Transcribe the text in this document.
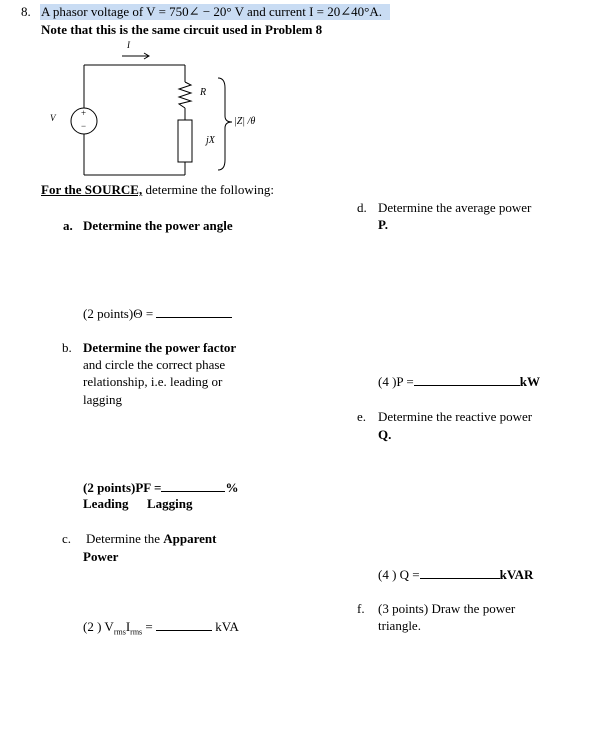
8. A phasor voltage of V = 750∠ − 20° V and current I = 20∠40°A.
Note that this is the same circuit used in Problem 8
I
V	+
−
R
jX
|Z| /θ
For the SOURCE, determine the following:
a. Determine the power angle
(2 points)Θ =
b. Determine the power factor
and circle the correct phase
relationship, i.e. leading or
lagging
(2 points)PF =	%
Leading Lagging
c. Determine the Apparent
Power
(2 ) $V_{rms}I_{rms}$ =	kVA
d. Determine the average power
P.
(4 )P =	kW
e. Determine the reactive power
Q.
(4 ) Q =	kVAR
f. (3 points) Draw the power
triangle.
